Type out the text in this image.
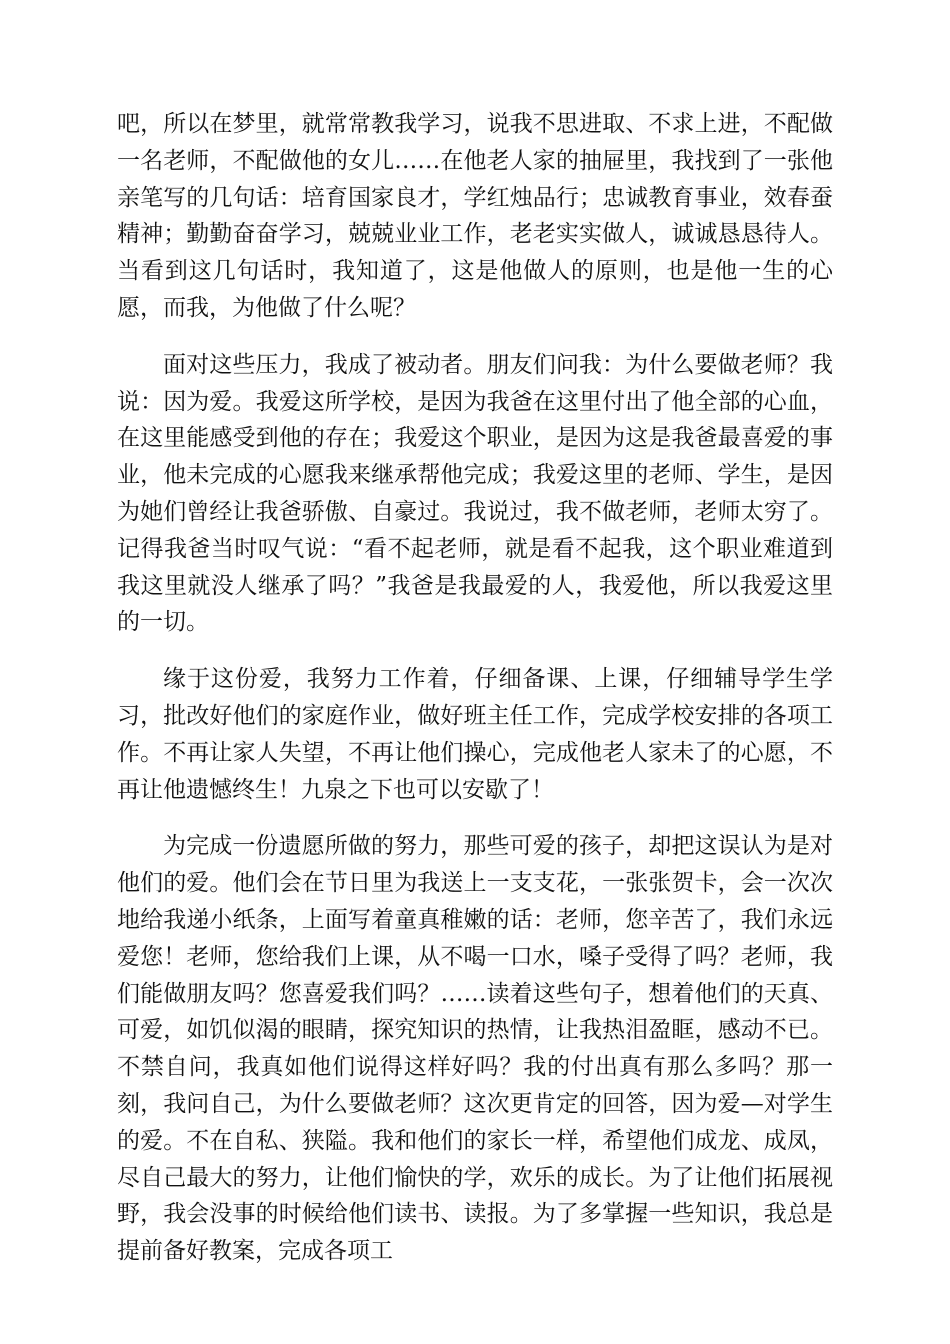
吧，所以在梦里，就常常教我学习，说我不思进取、不求上进，不配做一名老师，不配做他的女儿……在他老人家的抽屉里，我找到了一张他亲笔写的几句话：培育国家良才，学红烛品行；忠诚教育事业，效春蚕精神；勤勤奋奋学习，兢兢业业工作，老老实实做人，诚诚恳恳待人。当看到这几句话时，我知道了，这是他做人的原则，也是他一生的心愿，而我，为他做了什么呢？

面对这些压力，我成了被动者。朋友们问我：为什么要做老师？我说：因为爱。我爱这所学校，是因为我爸在这里付出了他全部的心血，在这里能感受到他的存在；我爱这个职业，是因为这是我爸最喜爱的事业，他未完成的心愿我来继承帮他完成；我爱这里的老师、学生，是因为她们曾经让我爸骄傲、自豪过。我说过，我不做老师，老师太穷了。记得我爸当时叹气说：“看不起老师，就是看不起我，这个职业难道到我这里就没人继承了吗？”我爸是我最爱的人，我爱他，所以我爱这里的一切。

缘于这份爱，我努力工作着，仔细备课、上课，仔细辅导学生学习，批改好他们的家庭作业，做好班主任工作，完成学校安排的各项工作。不再让家人失望，不再让他们操心，完成他老人家未了的心愿，不再让他遗憾终生！九泉之下也可以安歇了！

为完成一份遗愿所做的努力，那些可爱的孩子，却把这误认为是对他们的爱。他们会在节日里为我送上一支支花，一张张贺卡，会一次次地给我递小纸条，上面写着童真稚嫩的话：老师，您辛苦了，我们永远爱您！老师，您给我们上课，从不喝一口水，嗓子受得了吗？老师，我们能做朋友吗？您喜爱我们吗？……读着这些句子，想着他们的天真、可爱，如饥似渴的眼睛，探究知识的热情，让我热泪盈眶，感动不已。不禁自问，我真如他们说得这样好吗？我的付出真有那么多吗？那一刻，我问自己，为什么要做老师？这次更肯定的回答，因为爱—对学生的爱。不在自私、狭隘。我和他们的家长一样，希望他们成龙、成凤，尽自己最大的努力，让他们愉快的学，欢乐的成长。为了让他们拓展视野，我会没事的时候给他们读书、读报。为了多掌握一些知识，我总是提前备好教案，完成各项工
